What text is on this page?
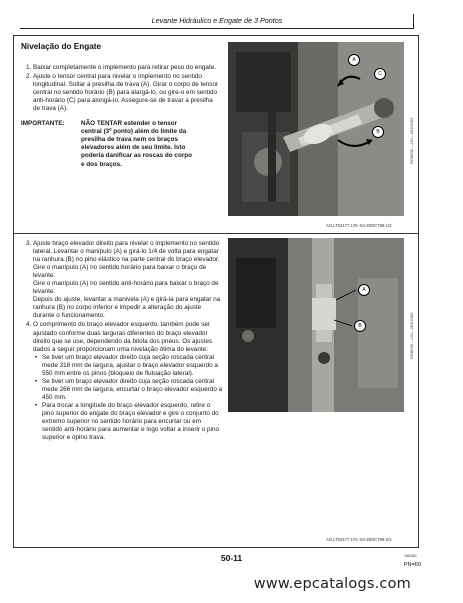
Levante Hidráulico e Engate de 3 Pontos
Nivelação do Engate
1. Baixar completamente o implemento para retirar peso do engate.
2. Ajuste o tensor central para nivelar o implemento no sentido longitudinal. Soltar a presilha de trava (A). Girar o corpo de tensor central no sentido horário (B) para alargá-lo, ou gire-o em sentido anti-horário (C) para alongá-lo. Assegure-se de travar a presilha de trava (A).
IMPORTANTE:	NÃO TENTAR estender o tensor central (3º ponto) além do limite da presilha de trava nem os braços elevadores além de seu limite. Isto poderia danificar as roscas do corpo e dos braços.
A
C
B	RG8635 —UN—26JUN02
AG,LT04177,176 -54-28OCT99-1/2
3. Ajuste braço elevador direito para nivelar o implemento no sentido lateral. Levantar o manípulo (A) e girá-lo 1/4 de volta para engatar na ranhura (B) no pino elástico na parte central do braço elevador.
Gire o manípulo (A) no sentido horário para baixar o braço de levante.
Gire o manípulo (A) no sentido anti-horário para baixar o braço de levante.
Depois do ajuste, levantar a manivela (A) e girá-la para engatar na ranhura (B) no corpo inferior e impedir a alteração do ajuste durante o funcionamento.
4. O comprimento do braço elevador esquerdo, também pode ser ajustado conforme duas larguras diferentes do braço elevador direito que se use, dependendo da bitola dos pneus. Os ajustes dados a seguir proporcionam uma nivelação ótima do levante:
• Se tiver um braço elevador direito cuja seção roscada central mede 316 mm de largura, ajustar o braço elevador esquerdo a 550 mm entre os pinos (bloqueio de flutuação lateral).
• Se tiver um braço elevador direito cuja seção roscada central mede 266 mm de largura, encurtar o braço elevador esquerdo a 450 mm.
• Para trocar a longitude do braço elevador esquerdo, retire o pino superior do engate do braço elevador e gire o conjunto do extremo superior no sentido horário para encurtar ou em sentido anti-horário para aumentar e logo voltar a inserir o pino superior e opino trava.
A
B	RG8636 —UN—26JUN02
AG,LT04177,176 -54-28OCT99-2/2
50-11	060301
PN=60
www.epcatalogs.com
